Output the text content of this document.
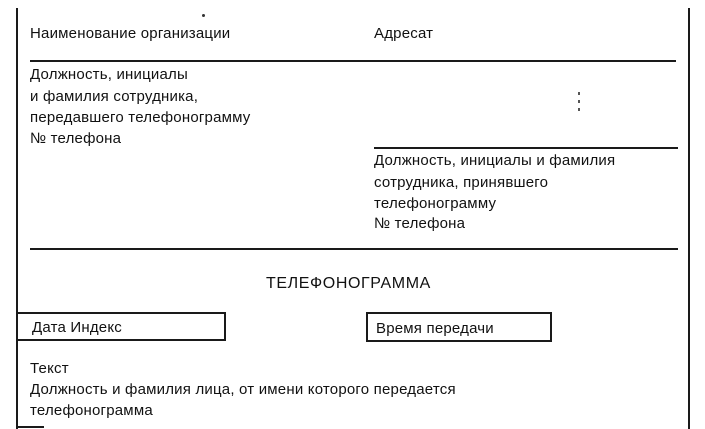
Наименование организации	Адресат
Должность, инициалы
и фамилия сотрудника,
передавшего телефонограмму
№ телефона
Должность, инициалы и фамилия
сотрудника, принявшего
телефонограмму
№ телефона
ТЕЛЕФОНОГРАММА
Дата Индекс	Время передачи
Текст
Должность и фамилия лица, от имени которого передается
телефонограмма
